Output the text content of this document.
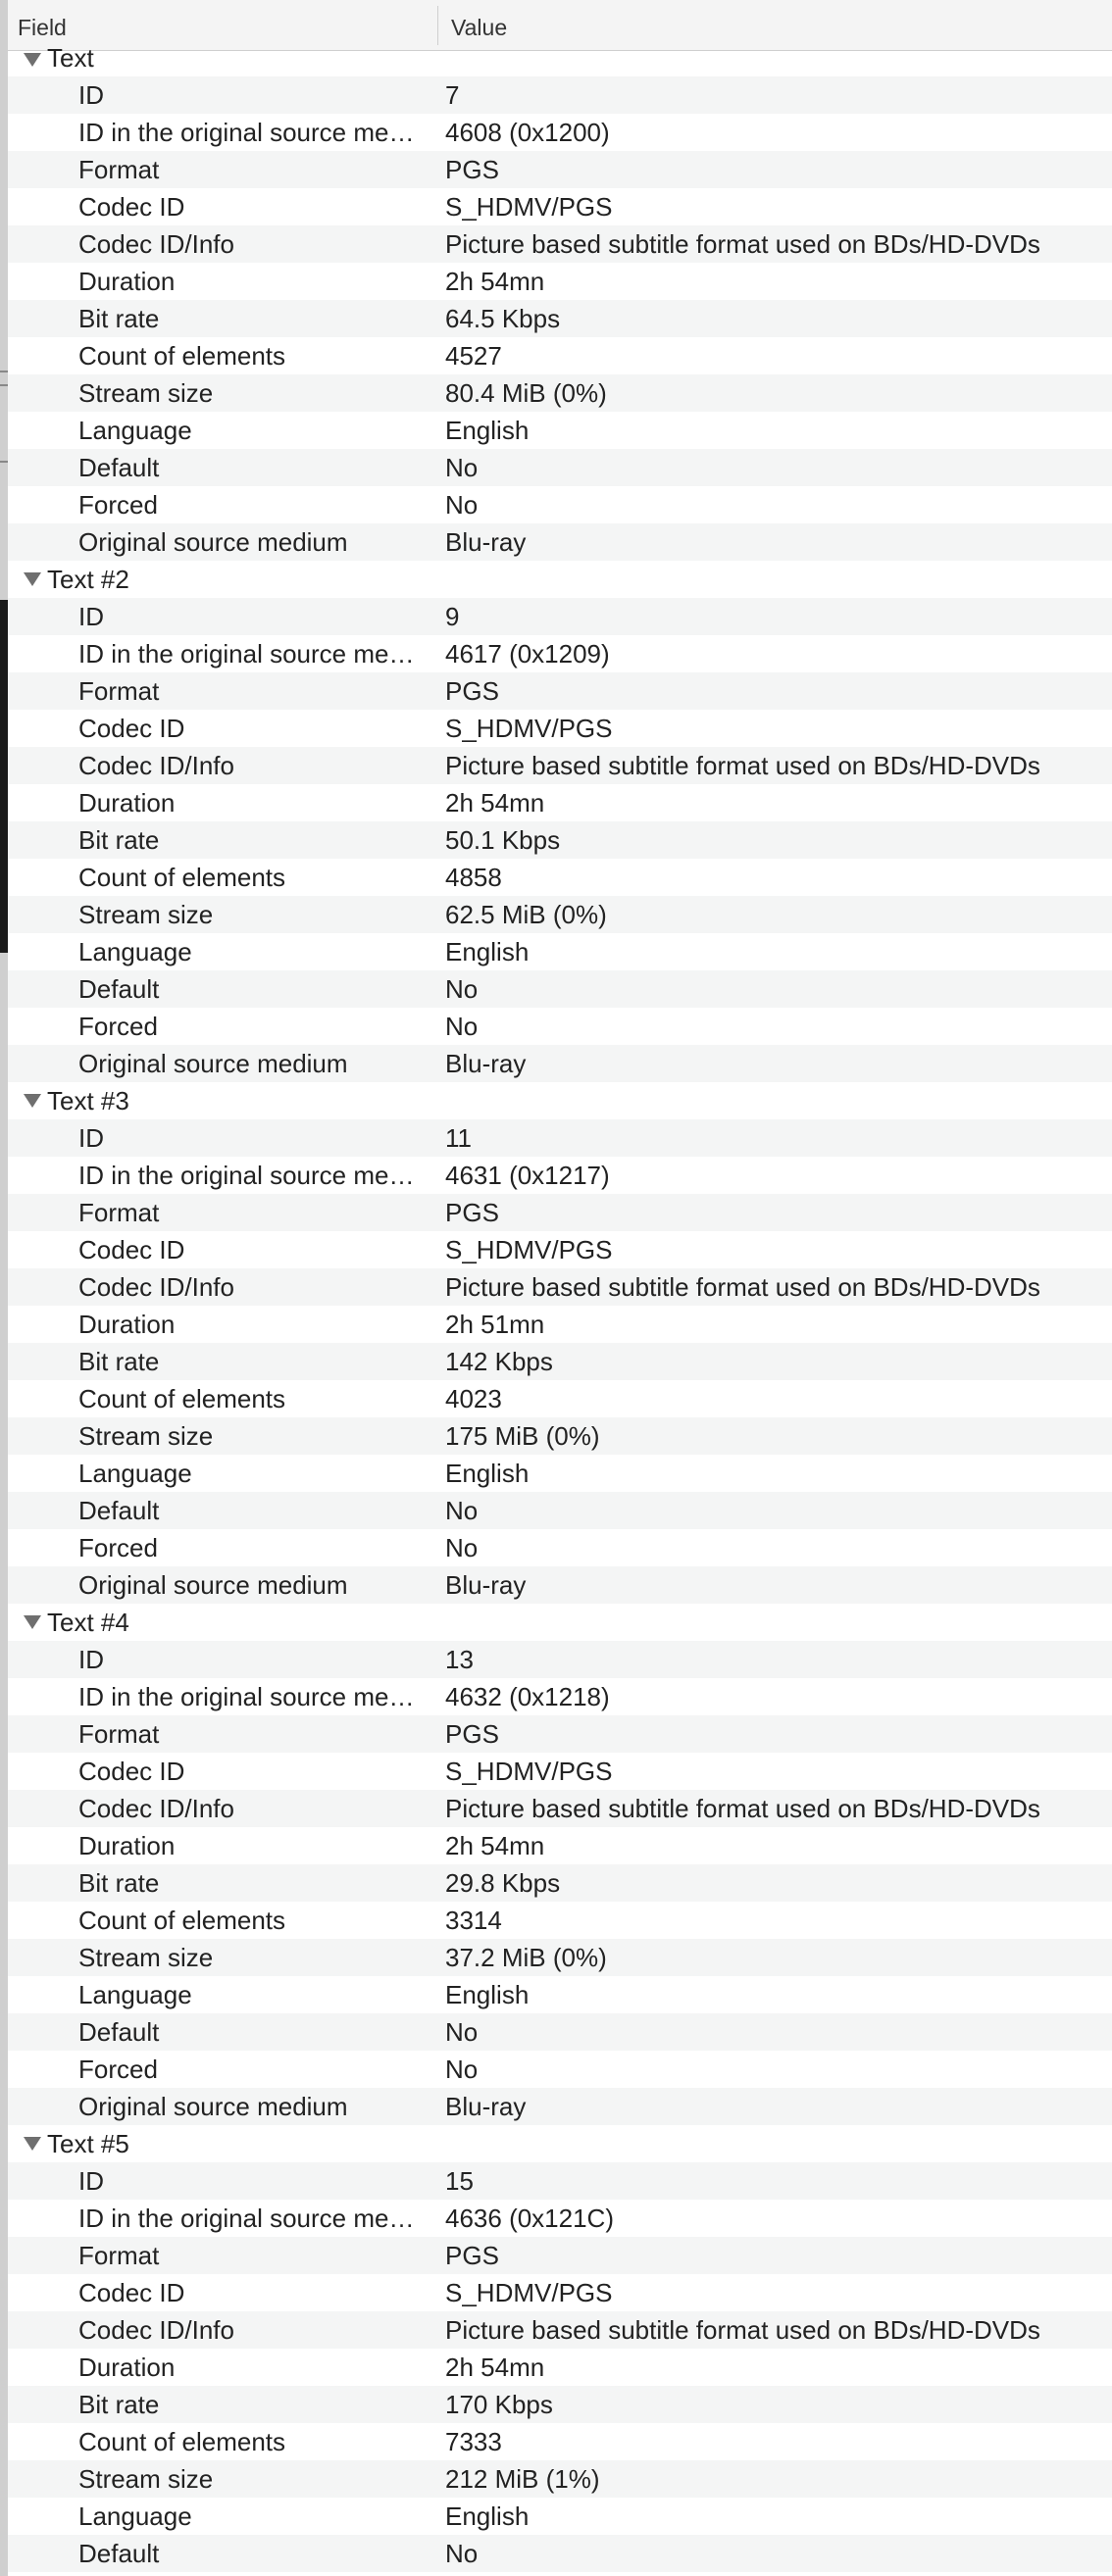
Field	Value
Text
ID	7
ID in the original source me…	4608 (0x1200)
Format	PGS
Codec ID	S_HDMV/PGS
Codec ID/Info	Picture based subtitle format used on BDs/HD-DVDs
Duration	2h 54mn
Bit rate	64.5 Kbps
Count of elements	4527
Stream size	80.4 MiB (0%)
Language	English
Default	No
Forced	No
Original source medium	Blu-ray
Text #2
ID	9
ID in the original source me…	4617 (0x1209)
Format	PGS
Codec ID	S_HDMV/PGS
Codec ID/Info	Picture based subtitle format used on BDs/HD-DVDs
Duration	2h 54mn
Bit rate	50.1 Kbps
Count of elements	4858
Stream size	62.5 MiB (0%)
Language	English
Default	No
Forced	No
Original source medium	Blu-ray
Text #3
ID	11
ID in the original source me…	4631 (0x1217)
Format	PGS
Codec ID	S_HDMV/PGS
Codec ID/Info	Picture based subtitle format used on BDs/HD-DVDs
Duration	2h 51mn
Bit rate	142 Kbps
Count of elements	4023
Stream size	175 MiB (0%)
Language	English
Default	No
Forced	No
Original source medium	Blu-ray
Text #4
ID	13
ID in the original source me…	4632 (0x1218)
Format	PGS
Codec ID	S_HDMV/PGS
Codec ID/Info	Picture based subtitle format used on BDs/HD-DVDs
Duration	2h 54mn
Bit rate	29.8 Kbps
Count of elements	3314
Stream size	37.2 MiB (0%)
Language	English
Default	No
Forced	No
Original source medium	Blu-ray
Text #5
ID	15
ID in the original source me…	4636 (0x121C)
Format	PGS
Codec ID	S_HDMV/PGS
Codec ID/Info	Picture based subtitle format used on BDs/HD-DVDs
Duration	2h 54mn
Bit rate	170 Kbps
Count of elements	7333
Stream size	212 MiB (1%)
Language	English
Default	No
